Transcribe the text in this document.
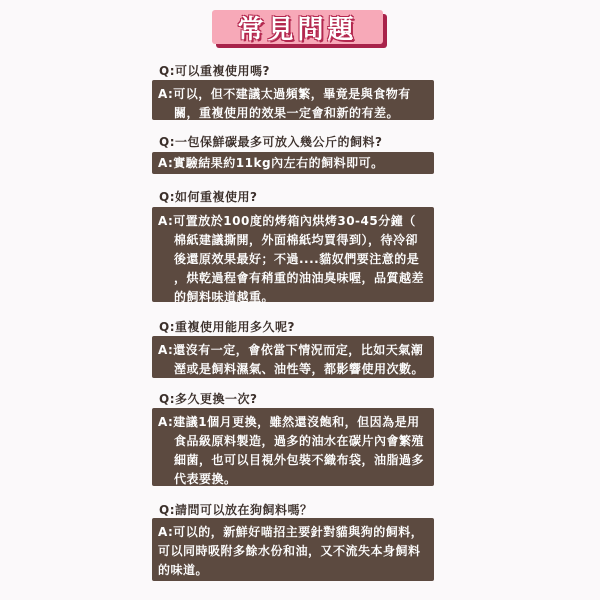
常見問題
Q:可以重複使用嗎?
A:可以，但不建議太過頻繁，畢竟是與食物有
關，重複使用的效果一定會和新的有差。
Q:一包保鮮碳最多可放入幾公斤的飼料?
A:實驗結果約11kg內左右的飼料即可。
Q:如何重複使用?
A:可置放於100度的烤箱內烘烤30-45分鐘（
棉紙建議撕開，外面棉紙均買得到），待冷卻
後還原效果最好；不過....貓奴們要注意的是
，烘乾過程會有稍重的油油臭味喔，品質越差
的飼料味道越重。
Q:重複使用能用多久呢?
A:還沒有一定，會依當下情況而定，比如天氣潮
溼或是飼料濕氣、油性等，都影響使用次數。
Q:多久更換一次?
A:建議1個月更換，雖然還沒飽和，但因為是用
食品級原料製造，過多的油水在碳片內會繁殖
細菌，也可以目視外包裝不織布袋，油脂過多
代表要換。
Q:請問可以放在狗飼料嗎？
A:可以的，新鮮好喵招主要針對貓與狗的飼料，
可以同時吸附多餘水份和油，又不流失本身飼料
的味道。
